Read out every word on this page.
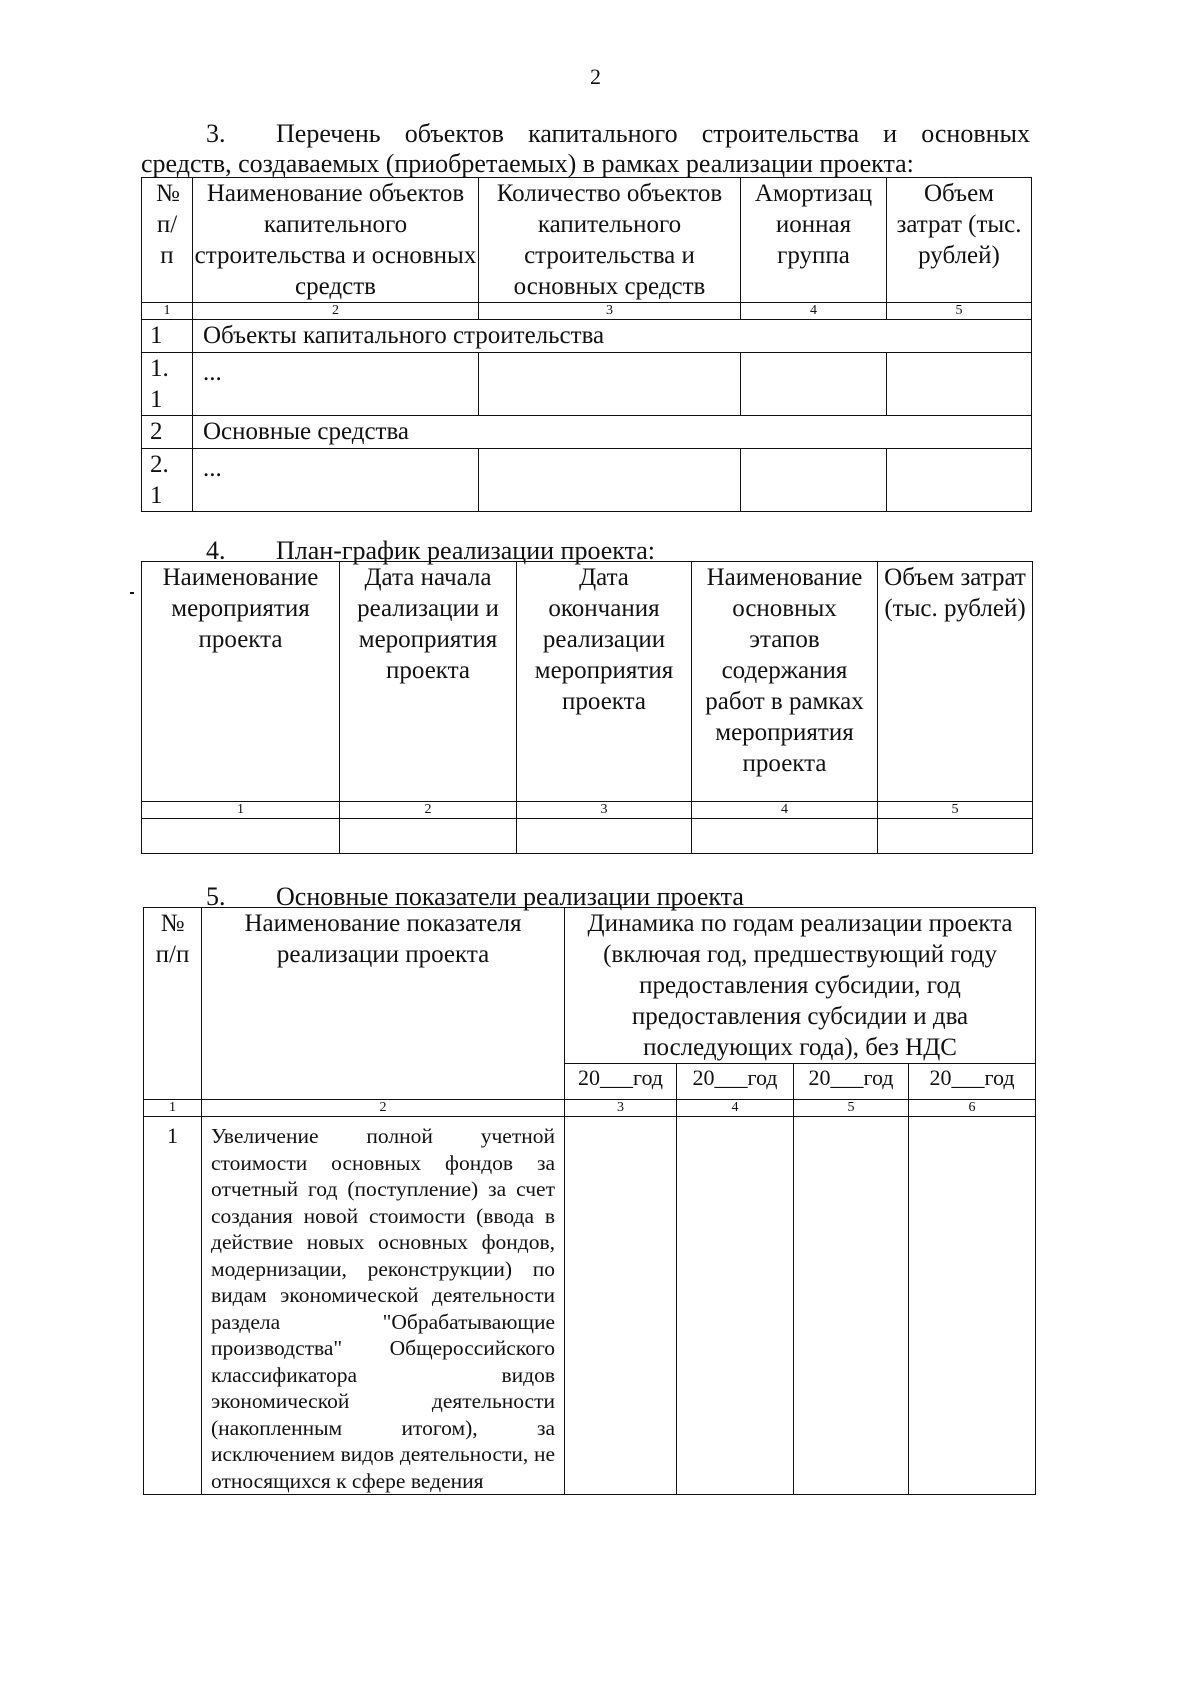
2
3.	Перечень объектов капитального строительства и основных
средств, создаваемых (приобретаемых) в рамках реализации проекта:
№ п/ п	Наименование объектов капительного строительства и основных средств	Количество объектов капительного строительства и основных средств	Амортизац ионная группа	Объем затрат (тыс. рублей)
1	2	3	4	5
1	Объекты капитального строительства			
1. 1	...			
2	Основные средства			
2. 1	...			
4. План-график реализации проекта:
Наименование мероприятия проекта	Дата начала реализации и мероприятия проекта	Дата окончания реализации мероприятия проекта	Наименование основных этапов содержания работ в рамках мероприятия проекта	Объем затрат (тыс. рублей)
1	2	3	4	5

5. Основные показатели реализации проекта
№ п/п	Наименование показателя реализации проекта	Динамика по годам реализации проекта (включая год, предшествующий году предоставления субсидии, год предоставления субсидии и два последующих года), без НДС			
		20___год	20___год	20___год	20___год
1	2	3	4	5	6
1	Увеличение полной учетной стоимости основных фондов за отчетный год (поступление) за счет создания новой стоимости (ввода в действие новых основных фондов, модернизации, реконструкции) по видам экономической деятельности раздела "Обрабатывающие производства" Общероссийского классификатора видов экономической деятельности (накопленным итогом), за исключением видов деятельности, не относящихся к сфере ведения				
